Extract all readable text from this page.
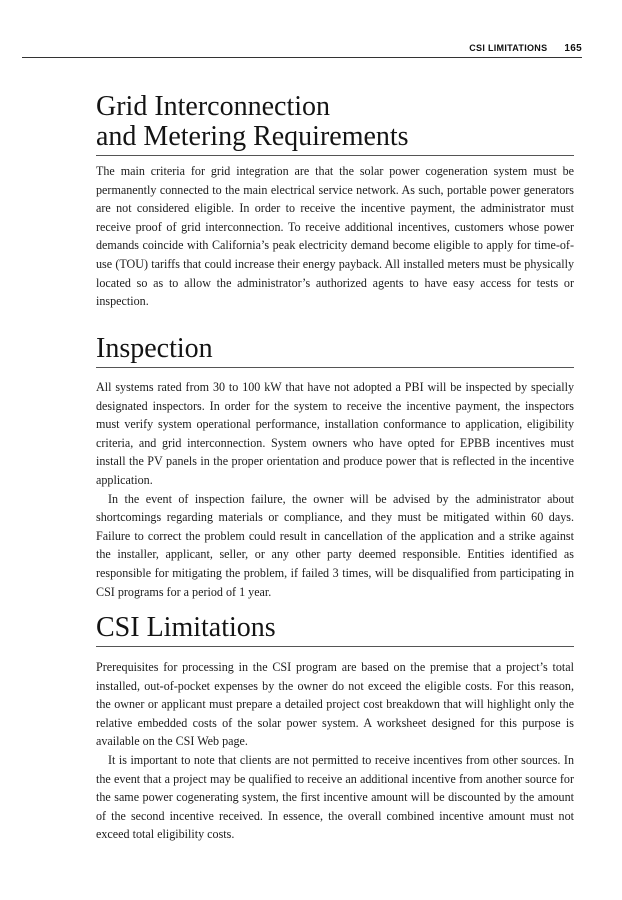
CSI LIMITATIONS 165
Grid Interconnection
and Metering Requirements

The main criteria for grid integration are that the solar power cogeneration system must be permanently connected to the main electrical service network. As such, portable power generators are not considered eligible. In order to receive the incentive payment, the administrator must receive proof of grid interconnection. To receive additional incentives, customers whose power demands coincide with California’s peak electricity demand become eligible to apply for time-of-use (TOU) tariffs that could increase their energy payback. All installed meters must be physically located so as to allow the administrator’s authorized agents to have easy access for tests or inspection.

Inspection

All systems rated from 30 to 100 kW that have not adopted a PBI will be inspected by specially designated inspectors. In order for the system to receive the incentive payment, the inspectors must verify system operational performance, installation conformance to application, eligibility criteria, and grid interconnection. System owners who have opted for EPBB incentives must install the PV panels in the proper orientation and produce power that is reflected in the incentive application.

In the event of inspection failure, the owner will be advised by the administrator about shortcomings regarding materials or compliance, and they must be mitigated within 60 days. Failure to correct the problem could result in cancellation of the application and a strike against the installer, applicant, seller, or any other party deemed responsible. Entities identified as responsible for mitigating the problem, if failed 3 times, will be disqualified from participating in CSI programs for a period of 1 year.

CSI Limitations

Prerequisites for processing in the CSI program are based on the premise that a project’s total installed, out-of-pocket expenses by the owner do not exceed the eligible costs. For this reason, the owner or applicant must prepare a detailed project cost breakdown that will highlight only the relative embedded costs of the solar power system. A worksheet designed for this purpose is available on the CSI Web page.

It is important to note that clients are not permitted to receive incentives from other sources. In the event that a project may be qualified to receive an additional incentive from another source for the same power cogenerating system, the first incentive amount will be discounted by the amount of the second incentive received. In essence, the overall combined incentive amount must not exceed total eligibility costs.
